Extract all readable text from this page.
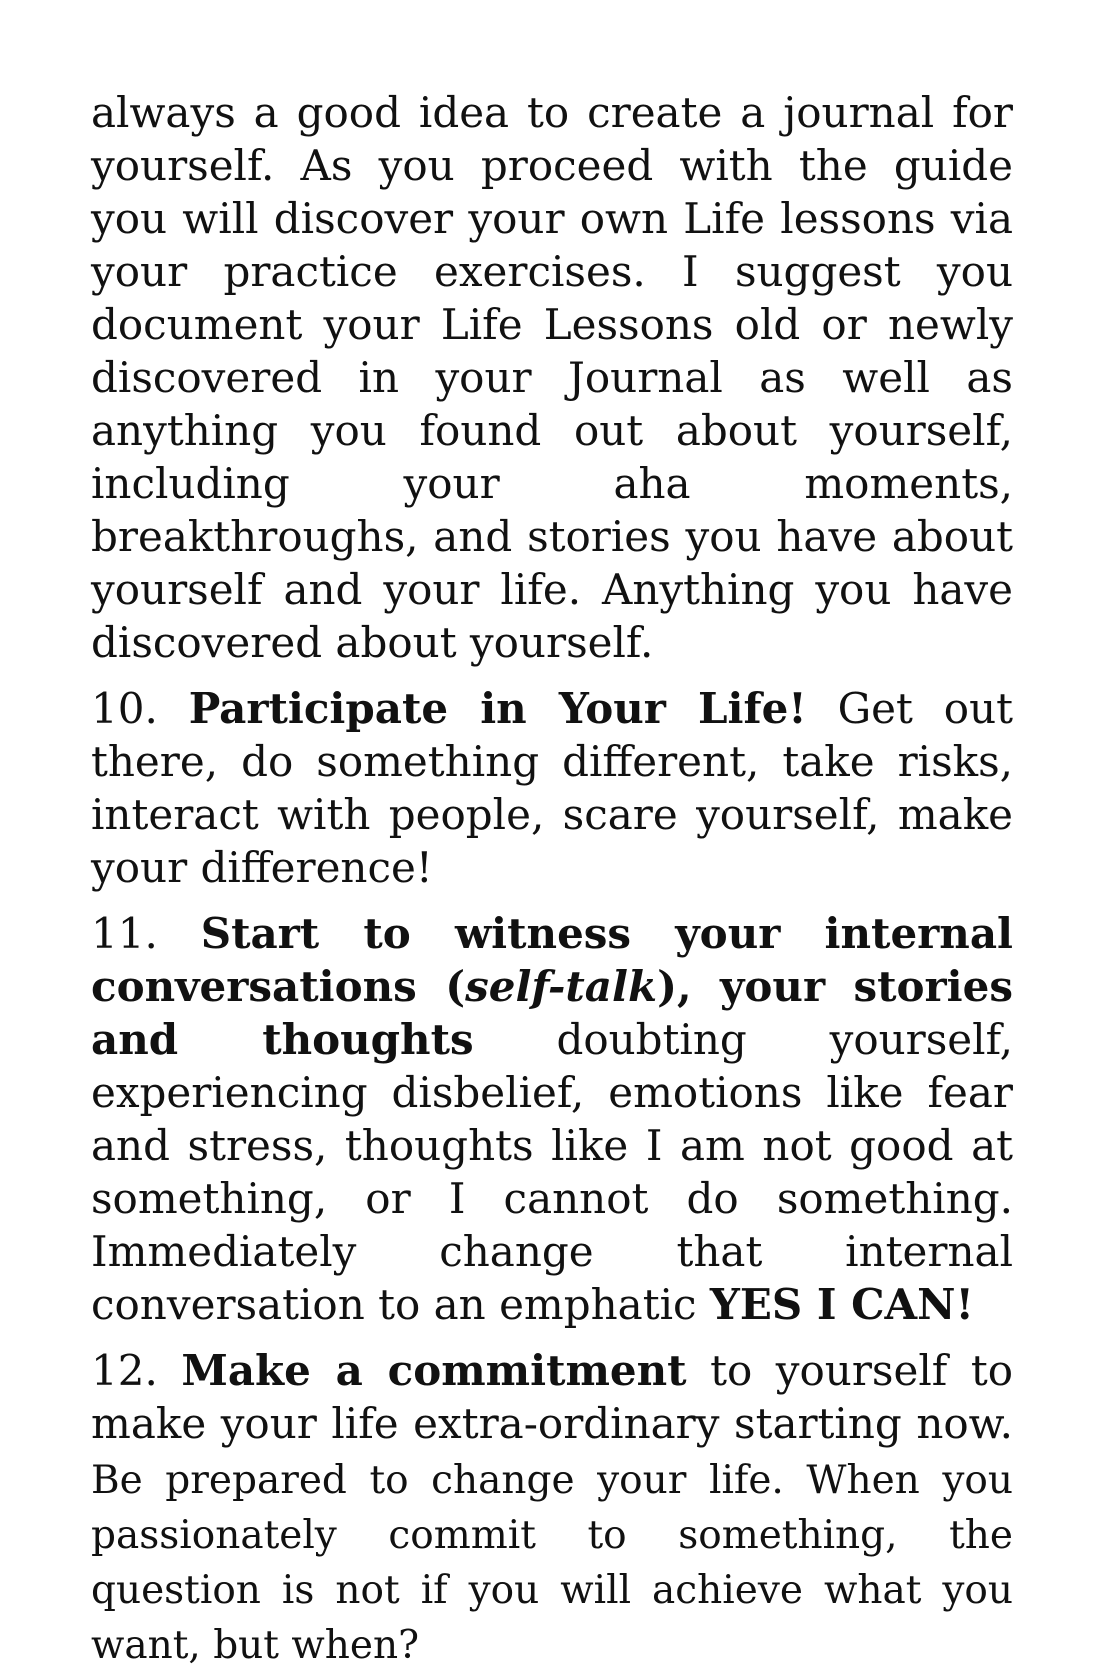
always a good idea to create a journal for yourself. As you proceed with the guide you will discover your own Life lessons via your practice exercises. I suggest you document your Life Lessons old or newly discovered in your Journal as well as anything you found out about yourself, including your aha moments, breakthroughs, and stories you have about yourself and your life. Anything you have discovered about yourself.

10. Participate in Your Life! Get out there, do something different, take risks, interact with people, scare yourself, make your difference!

11. Start to witness your internal conversations (self-talk), your stories and thoughts doubting yourself, experiencing disbelief, emotions like fear and stress, thoughts like I am not good at something, or I cannot do something. Immediately change that internal conversation to an emphatic YES I CAN!

12. Make a commitment to yourself to make your life extra-ordinary starting now. Be prepared to change your life. When you passionately commit to something, the question is not if you will achieve what you want, but when?
